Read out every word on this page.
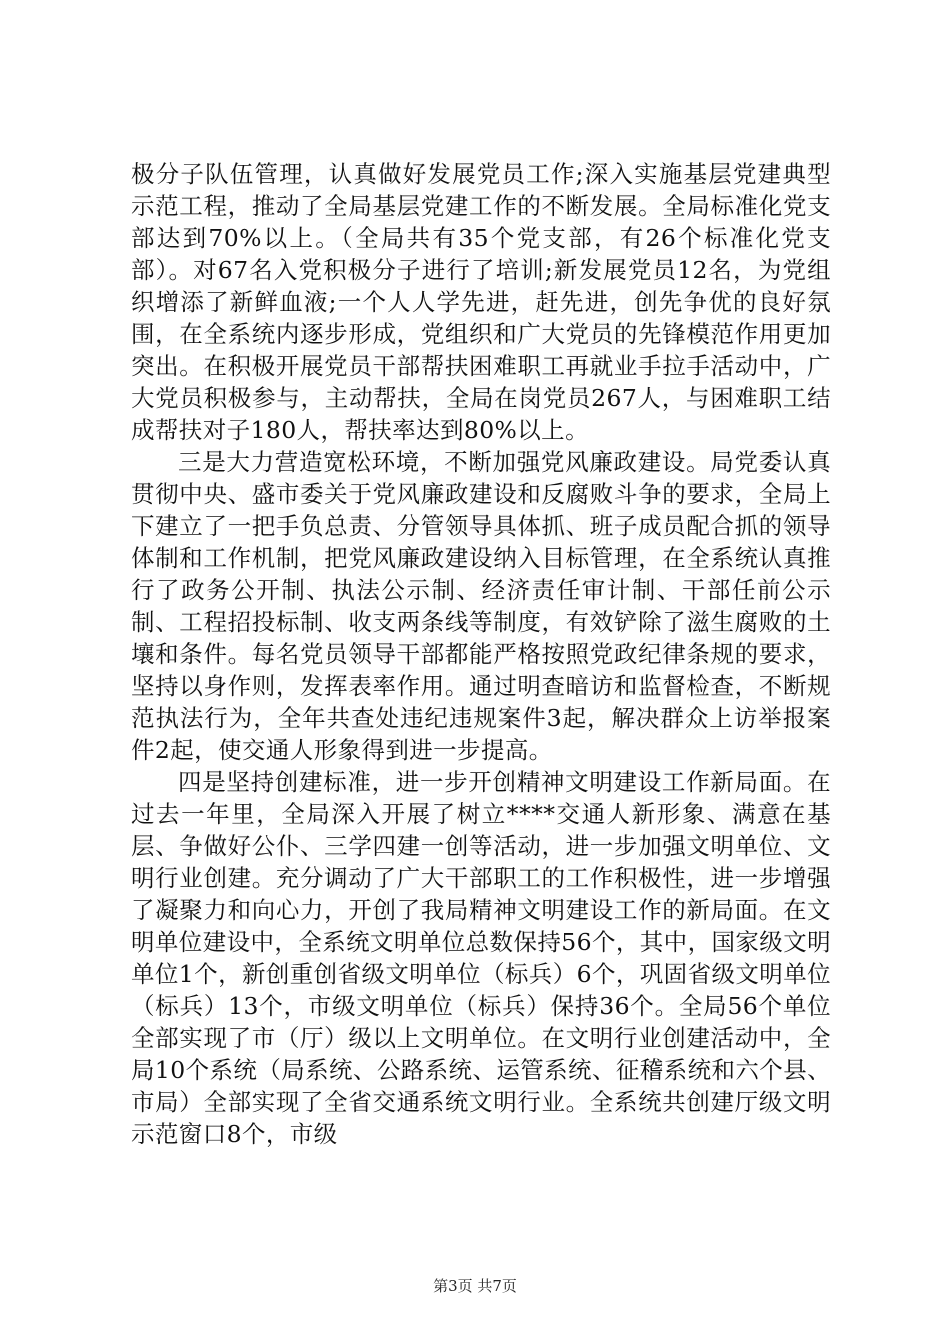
极分子队伍管理，认真做好发展党员工作;深入实施基层党建典型示范工程，推动了全局基层党建工作的不断发展。全局标准化党支部达到70%以上。（全局共有35个党支部，有26个标准化党支部）。对67名入党积极分子进行了培训;新发展党员12名，为党组织增添了新鲜血液;一个人人学先进，赶先进，创先争优的良好氛围，在全系统内逐步形成，党组织和广大党员的先锋模范作用更加突出。在积极开展党员干部帮扶困难职工再就业手拉手活动中，广大党员积极参与，主动帮扶，全局在岗党员267人，与困难职工结成帮扶对子180人，帮扶率达到80%以上。

三是大力营造宽松环境，不断加强党风廉政建设。局党委认真贯彻中央、盛市委关于党风廉政建设和反腐败斗争的要求，全局上下建立了一把手负总责、分管领导具体抓、班子成员配合抓的领导体制和工作机制，把党风廉政建设纳入目标管理，在全系统认真推行了政务公开制、执法公示制、经济责任审计制、干部任前公示制、工程招投标制、收支两条线等制度，有效铲除了滋生腐败的土壤和条件。每名党员领导干部都能严格按照党政纪律条规的要求，坚持以身作则，发挥表率作用。通过明查暗访和监督检查，不断规范执法行为，全年共查处违纪违规案件3起，解决群众上访举报案件2起，使交通人形象得到进一步提高。

四是坚持创建标准，进一步开创精神文明建设工作新局面。在过去一年里，全局深入开展了树立****交通人新形象、满意在基层、争做好公仆、三学四建一创等活动，进一步加强文明单位、文明行业创建。充分调动了广大干部职工的工作积极性，进一步增强了凝聚力和向心力，开创了我局精神文明建设工作的新局面。在文明单位建设中，全系统文明单位总数保持56个，其中，国家级文明单位1个，新创重创省级文明单位（标兵）6个，巩固省级文明单位（标兵）13个，市级文明单位（标兵）保持36个。全局56个单位全部实现了市（厅）级以上文明单位。在文明行业创建活动中，全局10个系统（局系统、公路系统、运管系统、征稽系统和六个县、市局）全部实现了全省交通系统文明行业。全系统共创建厅级文明示范窗口8个，市级

第3页 共7页
